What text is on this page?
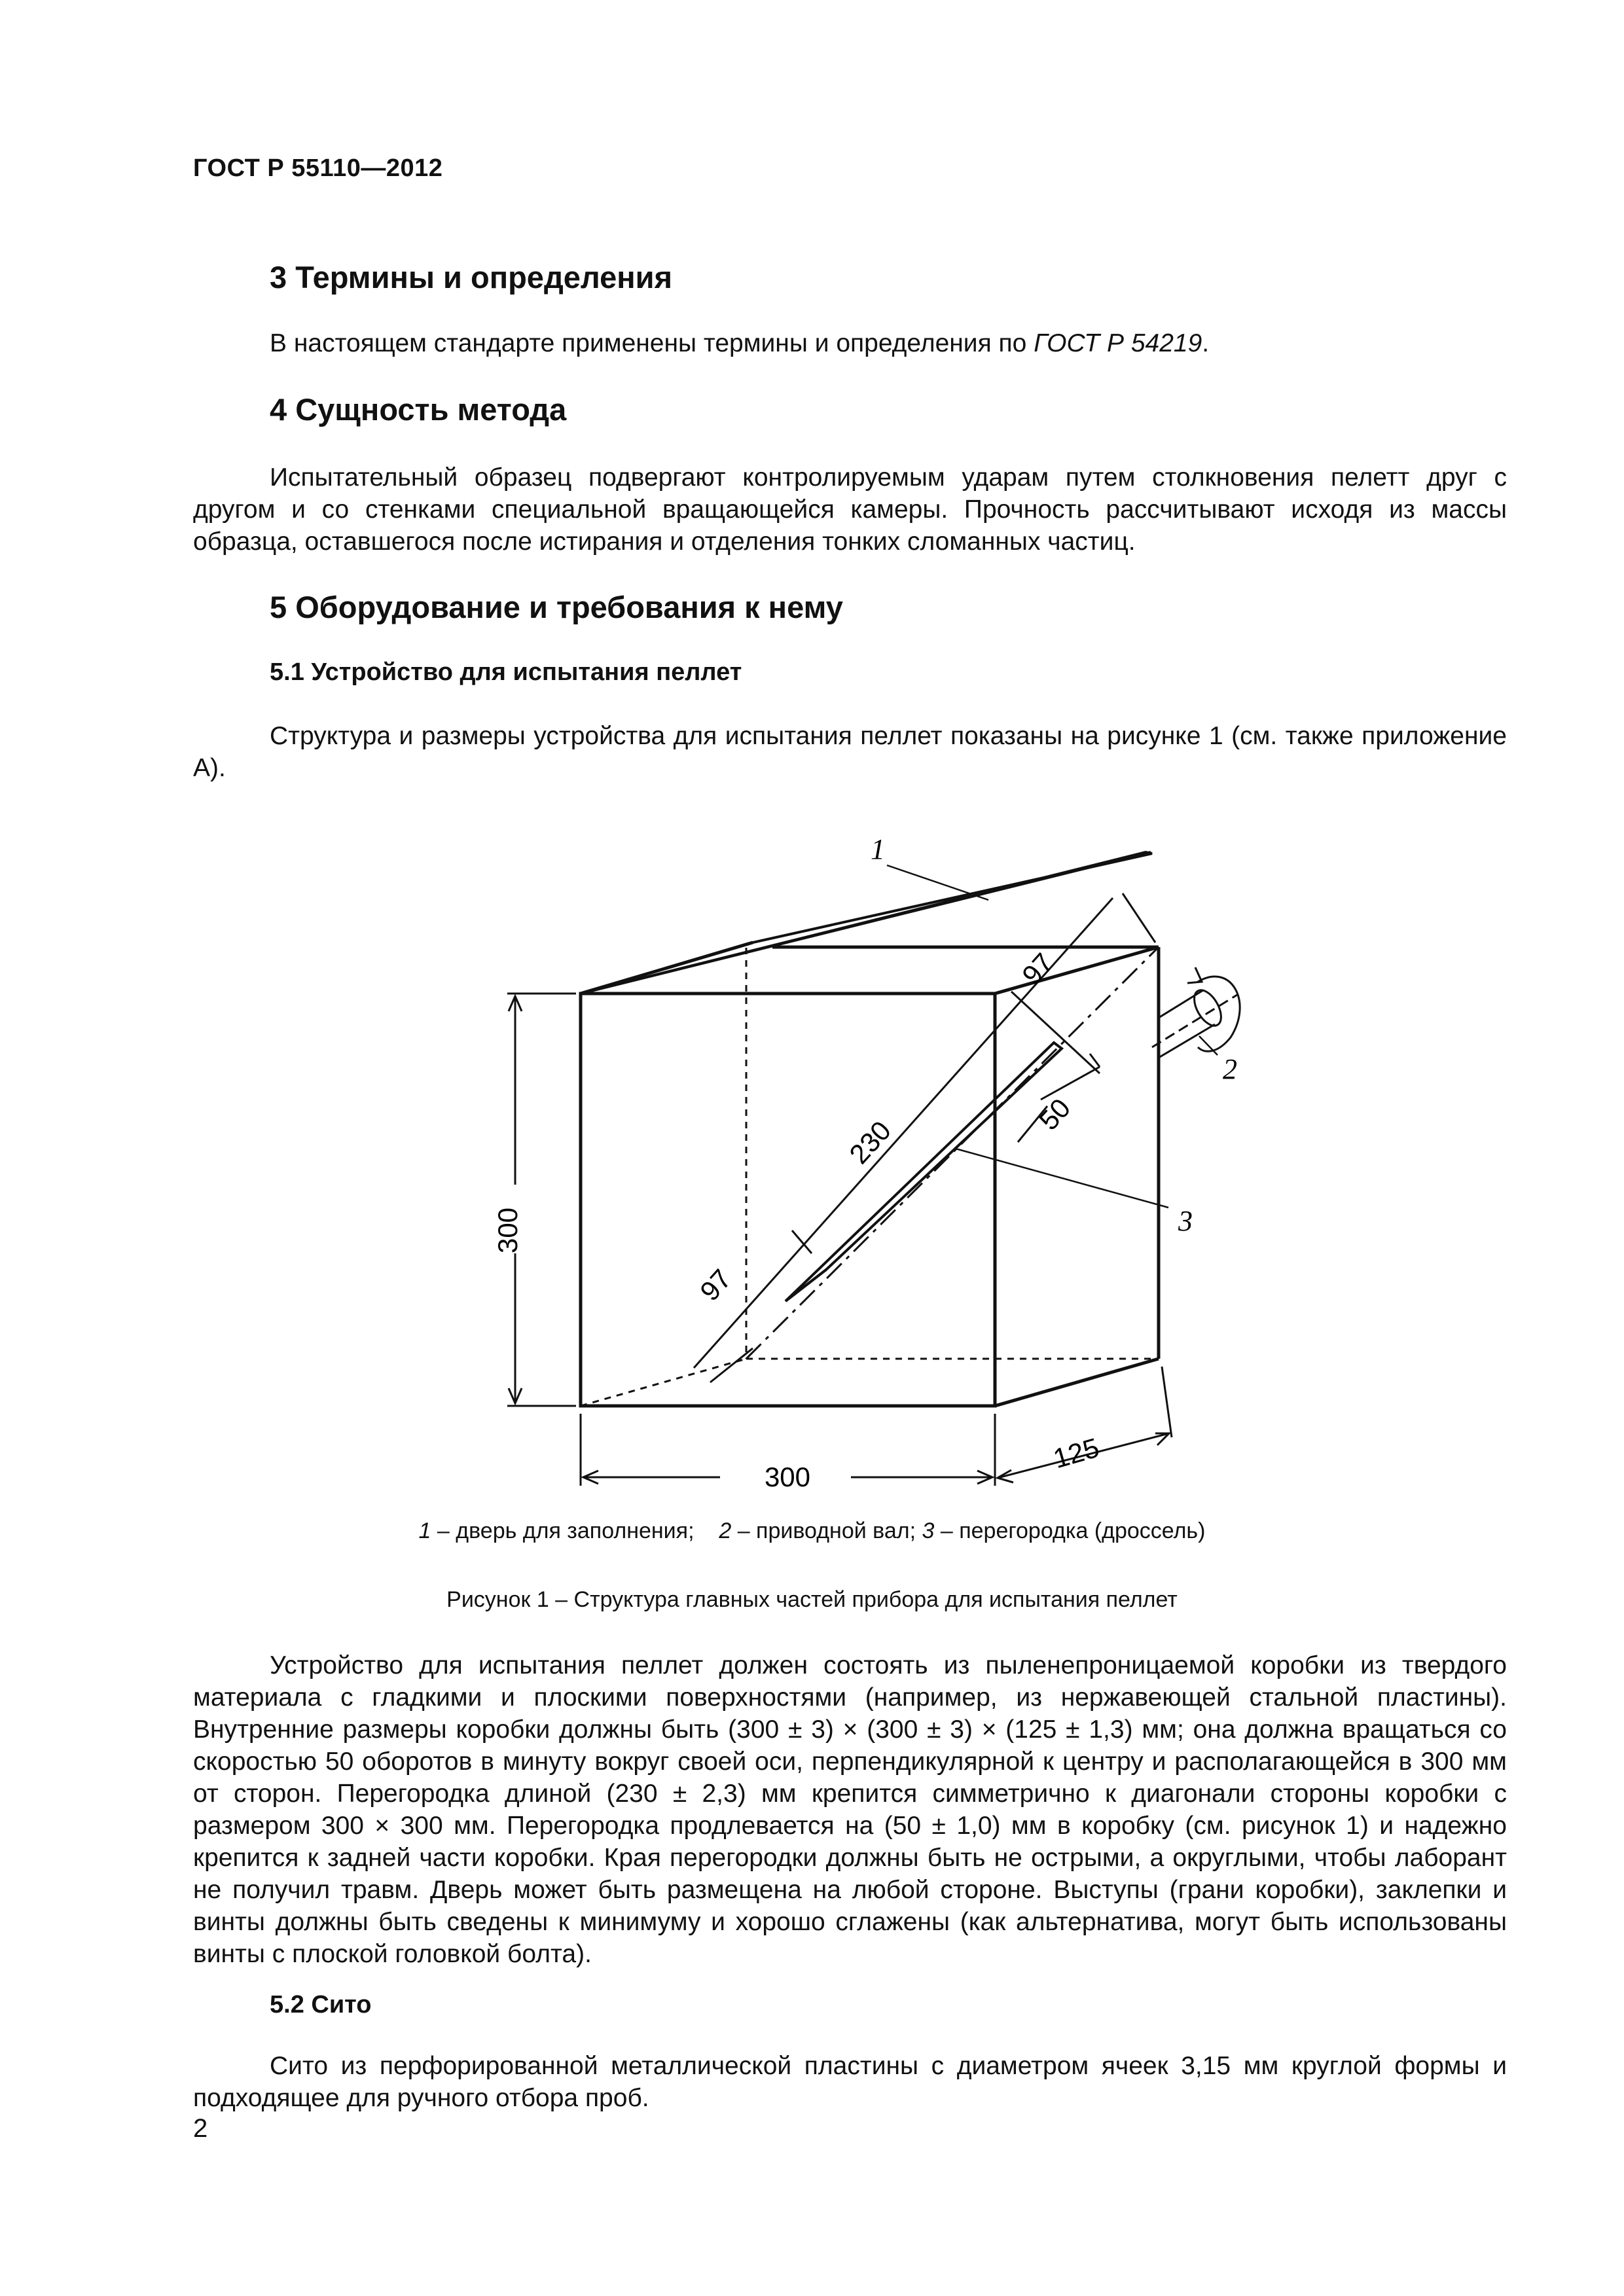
ГОСТ Р 55110—2012
3 Термины и определения

В настоящем стандарте применены термины и определения по ГОСТ Р 54219.

4 Сущность метода

Испытательный образец подвергают контролируемым ударам путем столкновения пелетт друг с другом и со стенками специальной вращающейся камеры. Прочность рассчитывают исходя из массы образца, оставшегося после истирания и отделения тонких сломанных частиц.

5 Оборудование и требования к нему
5.1 Устройство для испытания пеллет

Структура и размеры устройства для испытания пеллет показаны на рисунке 1 (см. также приложение А).

1
2
3
300
300
125
230
97
97
50
1 – дверь для заполнения; 2 – приводной вал; 3 – перегородка (дроссель)
Рисунок 1 – Структура главных частей прибора для испытания пеллет

Устройство для испытания пеллет должен состоять из пыленепроницаемой коробки из твердого материала с гладкими и плоскими поверхностями (например, из нержавеющей стальной пластины). Внутренние размеры коробки должны быть (300 ± 3) × (300 ± 3) × (125 ± 1,3) мм; она должна вращаться со скоростью 50 оборотов в минуту вокруг своей оси, перпендикулярной к центру и располагающейся в 300 мм от сторон. Перегородка длиной (230 ± 2,3) мм крепится симметрично к диагонали стороны коробки с размером 300 × 300 мм. Перегородка продлевается на (50 ± 1,0) мм в коробку (см. рисунок 1) и надежно крепится к задней части коробки. Края перегородки должны быть не острыми, а округлыми, чтобы лаборант не получил травм. Дверь может быть размещена на любой стороне. Выступы (грани коробки), заклепки и винты должны быть сведены к минимуму и хорошо сглажены (как альтернатива, могут быть использованы винты с плоской головкой болта).

5.2 Сито

Сито из перфорированной металлической пластины с диаметром ячеек 3,15 мм круглой формы и подходящее для ручного отбора проб.

2
